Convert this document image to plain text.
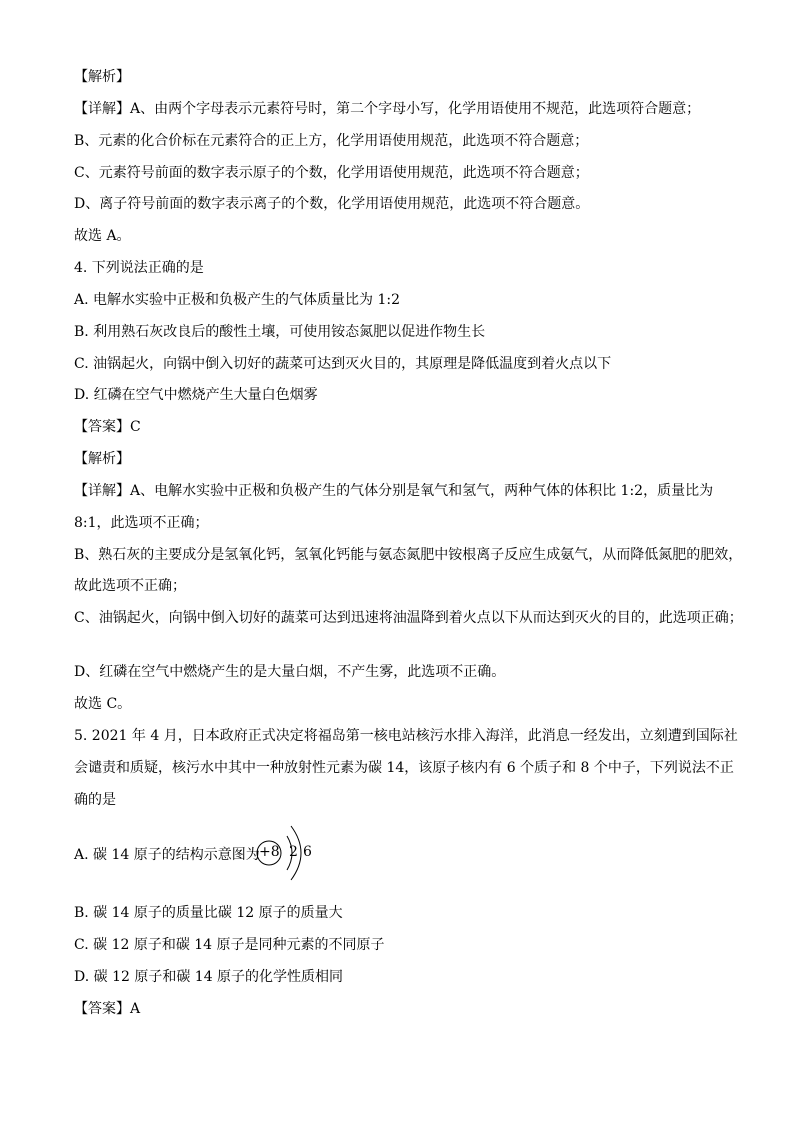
【解析】
【详解】A、由两个字母表示元素符号时，第二个字母小写，化学用语使用不规范，此选项符合题意；
B、元素的化合价标在元素符合的正上方，化学用语使用规范，此选项不符合题意；
C、元素符号前面的数字表示原子的个数，化学用语使用规范，此选项不符合题意；
D、离子符号前面的数字表示离子的个数，化学用语使用规范，此选项不符合题意。
故选 A。
4. 下列说法正确的是
A. 电解水实验中正极和负极产生的气体质量比为 1:2
B. 利用熟石灰改良后的酸性土壤，可使用铵态氮肥以促进作物生长
C. 油锅起火，向锅中倒入切好的蔬菜可达到灭火目的，其原理是降低温度到着火点以下
D. 红磷在空气中燃烧产生大量白色烟雾
【答案】C
【解析】
【详解】A、电解水实验中正极和负极产生的气体分别是氧气和氢气，两种气体的体积比 1:2，质量比为
8:1，此选项不正确；
B、熟石灰的主要成分是氢氧化钙，氢氧化钙能与氨态氮肥中铵根离子反应生成氨气，从而降低氮肥的肥效，
故此选项不正确；
C、油锅起火，向锅中倒入切好的蔬菜可达到迅速将油温降到着火点以下从而达到灭火的目的，此选项正确；
D、红磷在空气中燃烧产生的是大量白烟，不产生雾，此选项不正确。
故选 C。
5. 2021 年 4 月，日本政府正式决定将福岛第一核电站核污水排入海洋，此消息一经发出，立刻遭到国际社
会谴责和质疑，核污水中其中一种放射性元素为碳 14，该原子核内有 6 个质子和 8 个中子，下列说法不正
确的是
A. 碳 14 原子的结构示意图为
B. 碳 14 原子的质量比碳 12 原子的质量大
C. 碳 12 原子和碳 14 原子是同种元素的不同原子
D. 碳 12 原子和碳 14 原子的化学性质相同
【答案】A
+8 2 6
